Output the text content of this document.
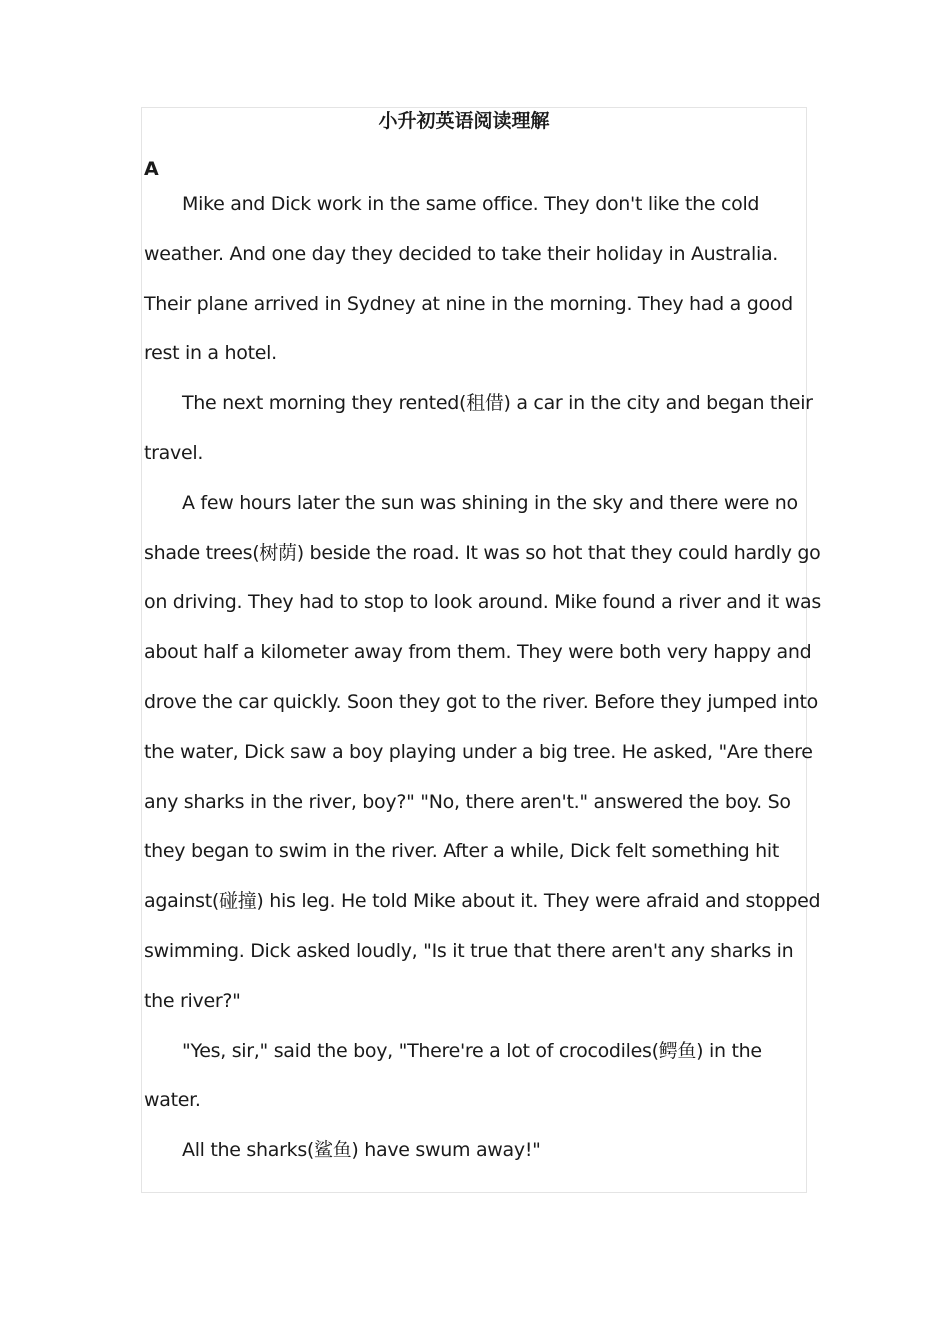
小升初英语阅读理解
A

Mike and Dick work in the same office. They don't like the cold weather. And one day they decided to take their holiday in Australia. Their plane arrived in Sydney at nine in the morning. They had a good rest in a hotel.

The next morning they rented(租借) a car in the city and began their travel.

A few hours later the sun was shining in the sky and there were no shade trees(树荫) beside the road. It was so hot that they could hardly go on driving. They had to stop to look around. Mike found a river and it was about half a kilometer away from them. They were both very happy and drove the car quickly. Soon they got to the river. Before they jumped into the water, Dick saw a boy playing under a big tree. He asked, "Are there any sharks in the river, boy?" "No, there aren't." answered the boy. So they began to swim in the river. After a while, Dick felt something hit against(碰撞) his leg. He told Mike about it. They were afraid and stopped swimming. Dick asked loudly, "Is it true that there aren't any sharks in the river?"

"Yes, sir," said the boy, "There're a lot of crocodiles(鳄鱼) in the water.

All the sharks(鲨鱼) have swum away!"
